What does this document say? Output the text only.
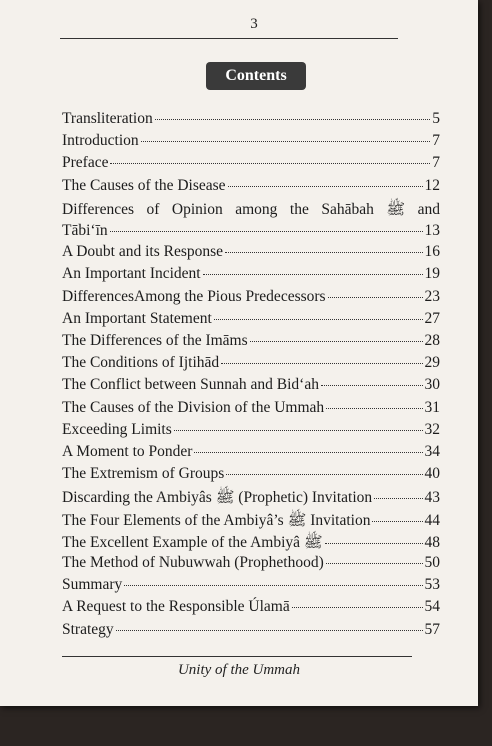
3
Contents
Transliteration	5
Introduction	7
Preface	7
The Causes of the Disease	12
Differences of Opinion among the Sahābah ﷺ and
Tābi‘īn	13
A Doubt and its Response	16
An Important Incident	19
DifferencesAmong the Pious Predecessors	23
An Important Statement	27
The Differences of the Imāms	28
The Conditions of Ijtihād	29
The Conflict between Sunnah and Bid‘ah	30
The Causes of the Division of the Ummah	31
Exceeding Limits	32
A Moment to Ponder	34
The Extremism of Groups	40
Discarding the Ambiyâs ﷺ (Prophetic) Invitation	43
The Four Elements of the Ambiyâ’s ﷺ Invitation	44
The Excellent Example of the Ambiyâ ﷺ	48
The Method of Nubuwwah (Prophethood)	50
Summary	53
A Request to the Responsible Úlamā	54
Strategy	57
Unity of the Ummah
